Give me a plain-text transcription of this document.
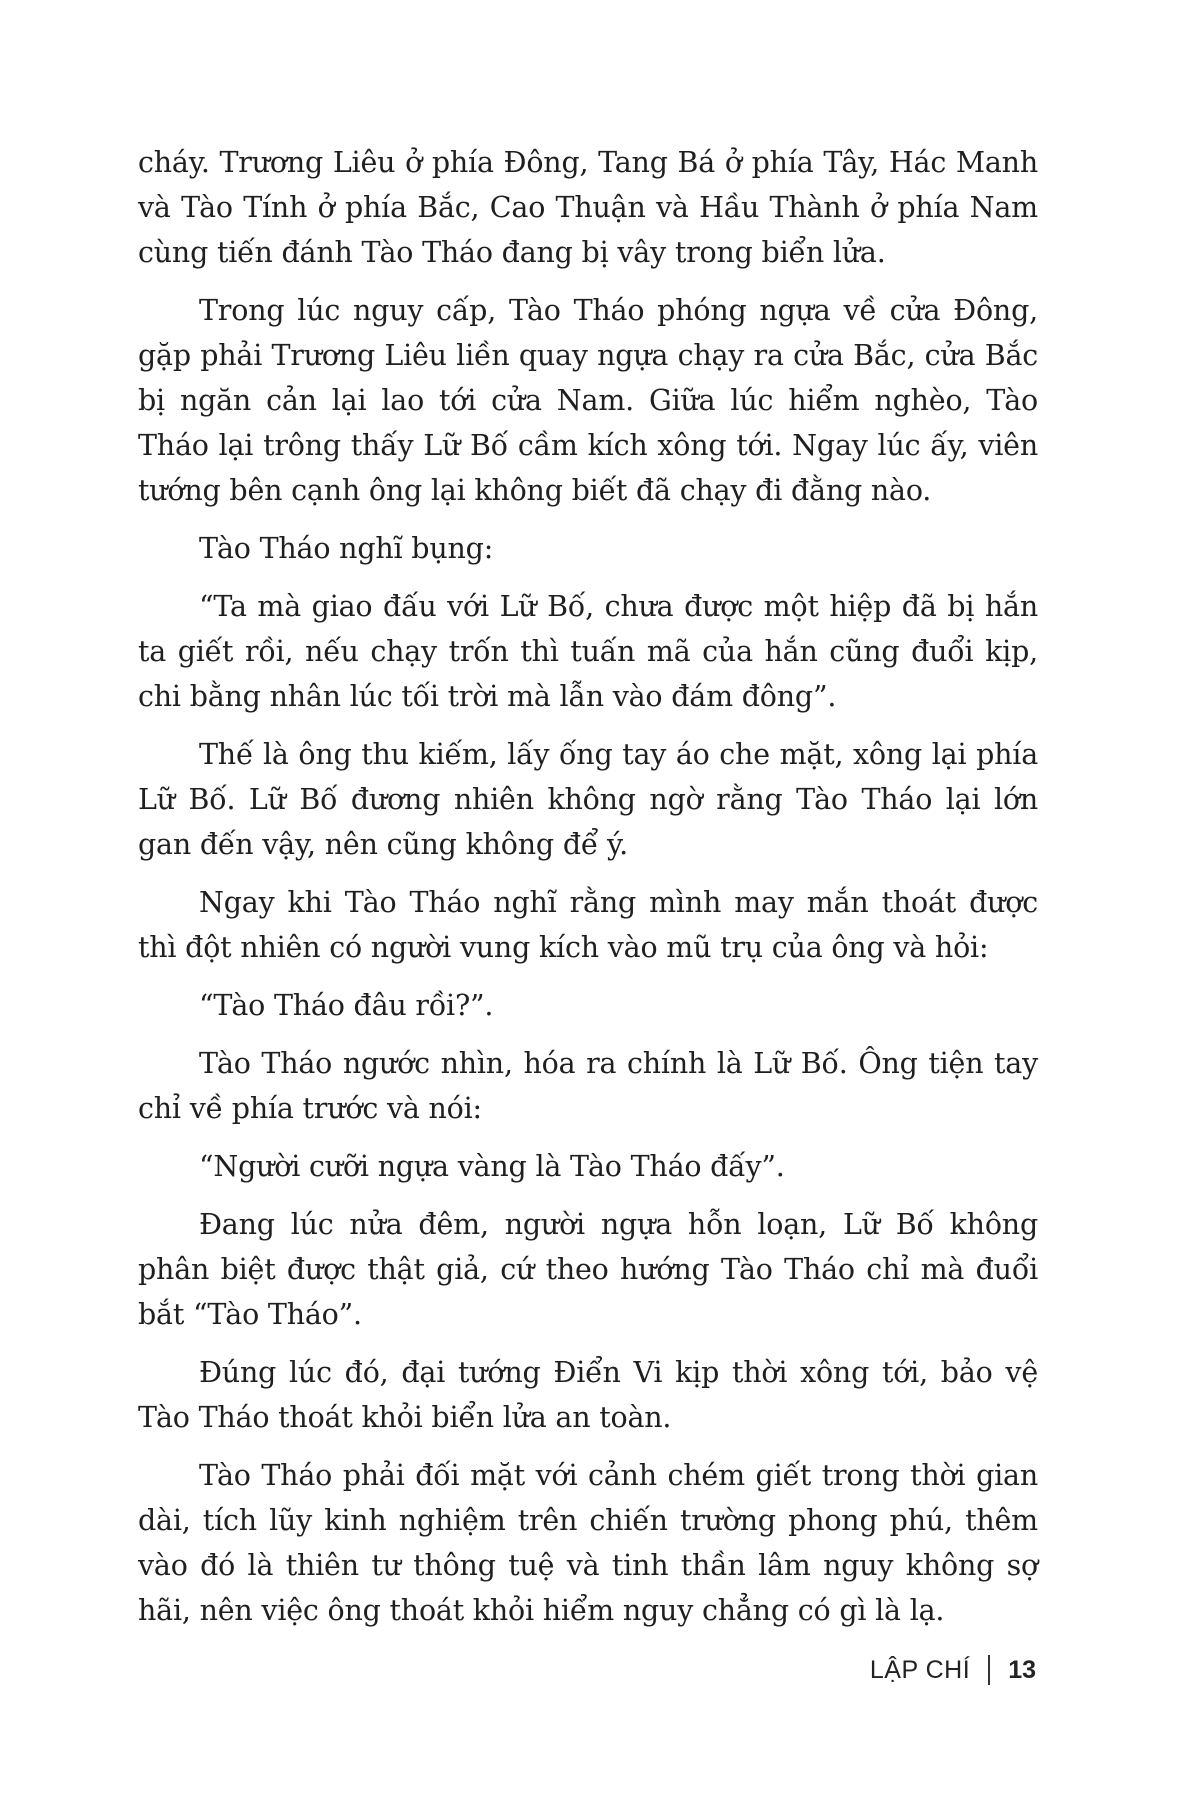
cháy. Trương Liêu ở phía Đông, Tang Bá ở phía Tây, Hác Manh và Tào Tính ở phía Bắc, Cao Thuận và Hầu Thành ở phía Nam cùng tiến đánh Tào Tháo đang bị vây trong biển lửa.

Trong lúc nguy cấp, Tào Tháo phóng ngựa về cửa Đông, gặp phải Trương Liêu liền quay ngựa chạy ra cửa Bắc, cửa Bắc bị ngăn cản lại lao tới cửa Nam. Giữa lúc hiểm nghèo, Tào Tháo lại trông thấy Lữ Bố cầm kích xông tới. Ngay lúc ấy, viên tướng bên cạnh ông lại không biết đã chạy đi đằng nào.

Tào Tháo nghĩ bụng:

“Ta mà giao đấu với Lữ Bố, chưa được một hiệp đã bị hắn ta giết rồi, nếu chạy trốn thì tuấn mã của hắn cũng đuổi kịp, chi bằng nhân lúc tối trời mà lẫn vào đám đông”.

Thế là ông thu kiếm, lấy ống tay áo che mặt, xông lại phía Lữ Bố. Lữ Bố đương nhiên không ngờ rằng Tào Tháo lại lớn gan đến vậy, nên cũng không để ý.

Ngay khi Tào Tháo nghĩ rằng mình may mắn thoát được thì đột nhiên có người vung kích vào mũ trụ của ông và hỏi:

“Tào Tháo đâu rồi?”.

Tào Tháo ngước nhìn, hóa ra chính là Lữ Bố. Ông tiện tay chỉ về phía trước và nói:

“Người cưỡi ngựa vàng là Tào Tháo đấy”.

Đang lúc nửa đêm, người ngựa hỗn loạn, Lữ Bố không phân biệt được thật giả, cứ theo hướng Tào Tháo chỉ mà đuổi bắt “Tào Tháo”.

Đúng lúc đó, đại tướng Điển Vi kịp thời xông tới, bảo vệ Tào Tháo thoát khỏi biển lửa an toàn.

Tào Tháo phải đối mặt với cảnh chém giết trong thời gian dài, tích lũy kinh nghiệm trên chiến trường phong phú, thêm vào đó là thiên tư thông tuệ và tinh thần lâm nguy không sợ hãi, nên việc ông thoát khỏi hiểm nguy chẳng có gì là lạ.

LẬP CHÍ 13
